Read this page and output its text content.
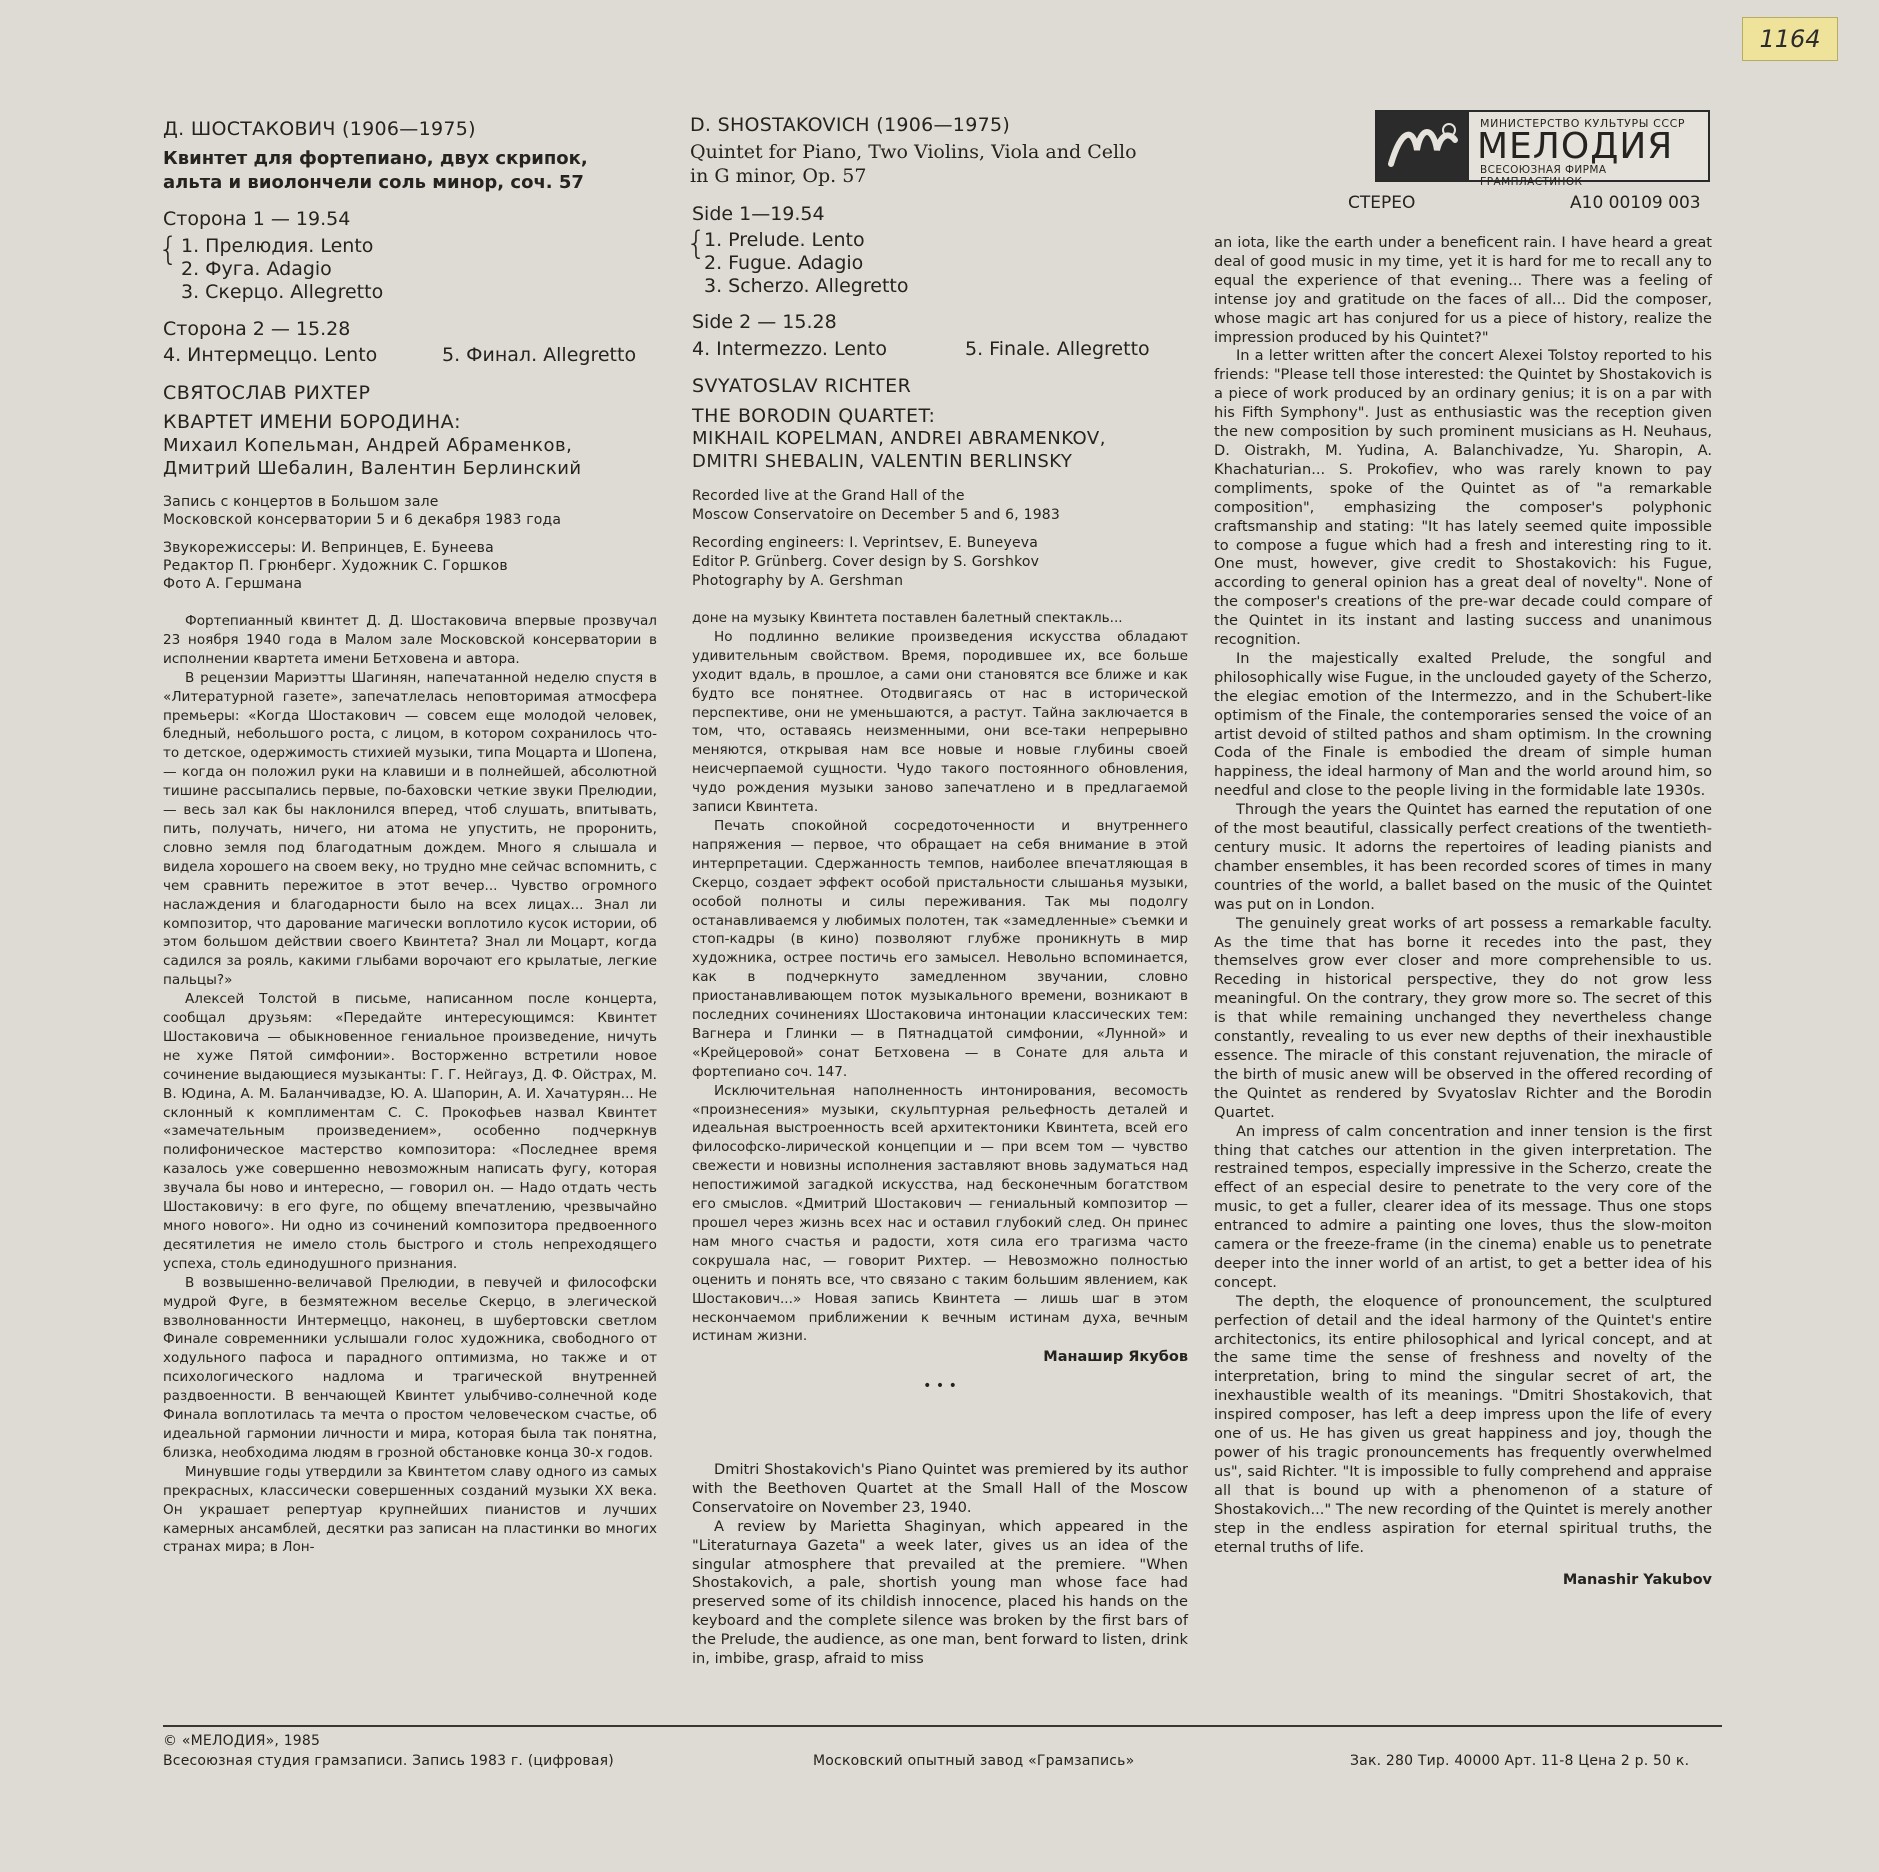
1164
Д. ШОСТАКОВИЧ (1906—1975)
Квинтет для фортепиано, двух скрипок,
альта и виолончели соль минор, соч. 57
Сторона 1 — 19.54
{ 1. Прелюдия. Lento
2. Фуга. Adagio
3. Скерцо. Allegretto
Сторона 2 — 15.28
4. Интермеццо. Lento	5. Финал. Allegretto
СВЯТОСЛАВ РИХТЕР
КВАРТЕТ ИМЕНИ БОРОДИНА:
Михаил Копельман, Андрей Абраменков,
Дмитрий Шебалин, Валентин Берлинский
Запись с концертов в Большом зале
Московской консерватории 5 и 6 декабря 1983 года
Звукорежиссеры: И. Вепринцев, Е. Бунеева
Редактор П. Грюнберг. Художник С. Горшков
Фото А. Гершмана

Фортепианный квинтет Д. Д. Шостаковича впервые прозвучал 23 ноября 1940 года в Малом зале Московской консерватории в исполнении квартета имени Бетховена и автора.

В рецензии Мариэтты Шагинян, напечатанной неделю спустя в «Литературной газете», запечатлелась неповторимая атмосфера премьеры: «Когда Шостакович — совсем еще молодой человек, бледный, небольшого роста, с лицом, в котором сохранилось что-то детское, одержимость стихией музыки, типа Моцарта и Шопена, — когда он положил руки на клавиши и в полнейшей, абсолютной тишине рассыпались первые, по-баховски четкие звуки Прелюдии, — весь зал как бы наклонился вперед, чтоб слушать, впитывать, пить, получать, ничего, ни атома не упустить, не проронить, словно земля под благодатным дождем. Много я слышала и видела хорошего на своем веку, но трудно мне сейчас вспомнить, с чем сравнить пережитое в этот вечер... Чувство огромного наслаждения и благодарности было на всех лицах... Знал ли композитор, что дарование магически воплотило кусок истории, об этом большом действии своего Квинтета? Знал ли Моцарт, когда садился за рояль, какими глыбами ворочают его крылатые, легкие пальцы?»

Алексей Толстой в письме, написанном после концерта, сообщал друзьям: «Передайте интересующимся: Квинтет Шостаковича — обыкновенное гениальное произведение, ничуть не хуже Пятой симфонии». Восторженно встретили новое сочинение выдающиеся музыканты: Г. Г. Нейгауз, Д. Ф. Ойстрах, М. В. Юдина, А. М. Баланчивадзе, Ю. А. Шапорин, А. И. Хачатурян... Не склонный к комплиментам С. С. Прокофьев назвал Квинтет «замечательным произведением», особенно подчеркнув полифоническое мастерство композитора: «Последнее время казалось уже совершенно невозможным написать фугу, которая звучала бы ново и интересно, — говорил он. — Надо отдать честь Шостаковичу: в его фуге, по общему впечатлению, чрезвычайно много нового». Ни одно из сочинений композитора предвоенного десятилетия не имело столь быстрого и столь непреходящего успеха, столь единодушного признания.

В возвышенно-величавой Прелюдии, в певучей и философски мудрой Фуге, в безмятежном веселье Скерцо, в элегической взволнованности Интермеццо, наконец, в шубертовски светлом Финале современники услышали голос художника, свободного от ходульного пафоса и парадного оптимизма, но также и от психологического надлома и трагической внутренней раздвоенности. В венчающей Квинтет улыбчиво-солнечной коде Финала воплотилась та мечта о простом человеческом счастье, об идеальной гармонии личности и мира, которая была так понятна, близка, необходима людям в грозной обстановке конца 30-х годов.

Минувшие годы утвердили за Квинтетом славу одного из самых прекрасных, классически совершенных созданий музыки XX века. Он украшает репертуар крупнейших пианистов и лучших камерных ансамблей, десятки раз записан на пластинки во многих странах мира; в Лон-

D. SHOSTAKOVICH (1906—1975)
Quintet for Piano, Two Violins, Viola and Cello
in G minor, Op. 57
Side 1—19.54
{
1. Prelude. Lento
2. Fugue. Adagio
3. Scherzo. Allegretto
Side 2 — 15.28
4. Intermezzo. Lento	5. Finale. Allegretto
SVYATOSLAV RICHTER
THE BORODIN QUARTET:
MIKHAIL KOPELMAN, ANDREI ABRAMENKOV,
DMITRI SHEBALIN, VALENTIN BERLINSKY
Recorded live at the Grand Hall of the
Moscow Conservatoire on December 5 and 6, 1983
Recording engineers: I. Veprintsev, E. Buneyeva
Editor P. Grünberg. Cover design by S. Gorshkov
Photography by A. Gershman

доне на музыку Квинтета поставлен балетный спектакль...

Но подлинно великие произведения искусства обладают удивительным свойством. Время, породившее их, все больше уходит вдаль, в прошлое, а сами они становятся все ближе и как будто все понятнее. Отодвигаясь от нас в исторической перспективе, они не уменьшаются, а растут. Тайна заключается в том, что, оставаясь неизменными, они все-таки непрерывно меняются, открывая нам все новые и новые глубины своей неисчерпаемой сущности. Чудо такого постоянного обновления, чудо рождения музыки заново запечатлено и в предлагаемой записи Квинтета.

Печать спокойной сосредоточенности и внутреннего напряжения — первое, что обращает на себя внимание в этой интерпретации. Сдержанность темпов, наиболее впечатляющая в Скерцо, создает эффект особой пристальности слышанья музыки, особой полноты и силы переживания. Так мы подолгу останавливаемся у любимых полотен, так «замедленные» съемки и стоп-кадры (в кино) позволяют глубже проникнуть в мир художника, острее постичь его замысел. Невольно вспоминается, как в подчеркнуто замедленном звучании, словно приостанавливающем поток музыкального времени, возникают в последних сочинениях Шостаковича интонации классических тем: Вагнера и Глинки — в Пятнадцатой симфонии, «Лунной» и «Крейцеровой» сонат Бетховена — в Сонате для альта и фортепиано соч. 147.

Исключительная наполненность интонирования, весомость «произнесения» музыки, скульптурная рельефность деталей и идеальная выстроенность всей архитектоники Квинтета, всей его философско-лирической концепции и — при всем том — чувство свежести и новизны исполнения заставляют вновь задуматься над непостижимой загадкой искусства, над бесконечным богатством его смыслов. «Дмитрий Шостакович — гениальный композитор — прошел через жизнь всех нас и оставил глубокий след. Он принес нам много счастья и радости, хотя сила его трагизма часто сокрушала нас, — говорит Рихтер. — Невозможно полностью оценить и понять все, что связано с таким большим явлением, как Шостакович...» Новая запись Квинтета — лишь шаг в этом нескончаемом приближении к вечным истинам духа, вечным истинам жизни.

Манашир Якубов
• • •

Dmitri Shostakovich's Piano Quintet was premiered by its author with the Beethoven Quartet at the Small Hall of the Moscow Conservatoire on November 23, 1940.

A review by Marietta Shaginyan, which appeared in the "Literaturnaya Gazeta" a week later, gives us an idea of the singular atmosphere that prevailed at the premiere. "When Shostakovich, a pale, shortish young man whose face had preserved some of its childish innocence, placed his hands on the keyboard and the complete silence was broken by the first bars of the Prelude, the audience, as one man, bent forward to listen, drink in, imbibe, grasp, afraid to miss

МИНИСТЕРСТВО КУЛЬТУРЫ СССР
МЕЛОДИЯ
ВСЕСОЮЗНАЯ ФИРМА ГРАМПЛАСТИНОК
СТЕРЕО	А10 00109 003

an iota, like the earth under a beneficent rain. I have heard a great deal of good music in my time, yet it is hard for me to recall any to equal the experience of that evening... There was a feeling of intense joy and gratitude on the faces of all... Did the composer, whose magic art has conjured for us a piece of history, realize the impression produced by his Quintet?"

In a letter written after the concert Alexei Tolstoy reported to his friends: "Please tell those interested: the Quintet by Shostakovich is a piece of work produced by an ordinary genius; it is on a par with his Fifth Symphony". Just as enthusiastic was the reception given the new composition by such prominent musicians as H. Neuhaus, D. Oistrakh, M. Yudina, A. Balanchivadze, Yu. Sharopin, A. Khachaturian... S. Prokofiev, who was rarely known to pay compliments, spoke of the Quintet as of "a remarkable composition", emphasizing the composer's polyphonic craftsmanship and stating: "It has lately seemed quite impossible to compose a fugue which had a fresh and interesting ring to it. One must, however, give credit to Shostakovich: his Fugue, according to general opinion has a great deal of novelty". None of the composer's creations of the pre-war decade could compare of the Quintet in its instant and lasting success and unanimous recognition.

In the majestically exalted Prelude, the songful and philosophically wise Fugue, in the unclouded gayety of the Scherzo, the elegiac emotion of the Intermezzo, and in the Schubert-like optimism of the Finale, the contemporaries sensed the voice of an artist devoid of stilted pathos and sham optimism. In the crowning Coda of the Finale is embodied the dream of simple human happiness, the ideal harmony of Man and the world around him, so needful and close to the people living in the formidable late 1930s.

Through the years the Quintet has earned the reputation of one of the most beautiful, classically perfect creations of the twentieth-century music. It adorns the repertoires of leading pianists and chamber ensembles, it has been recorded scores of times in many countries of the world, a ballet based on the music of the Quintet was put on in London.

The genuinely great works of art possess a remarkable faculty. As the time that has borne it recedes into the past, they themselves grow ever closer and more comprehensible to us. Receding in historical perspective, they do not grow less meaningful. On the contrary, they grow more so. The secret of this is that while remaining unchanged they nevertheless change constantly, revealing to us ever new depths of their inexhaustible essence. The miracle of this constant rejuvenation, the miracle of the birth of music anew will be observed in the offered recording of the Quintet as rendered by Svyatoslav Richter and the Borodin Quartet.

An impress of calm concentration and inner tension is the first thing that catches our attention in the given interpretation. The restrained tempos, especially impressive in the Scherzo, create the effect of an especial desire to penetrate to the very core of the music, to get a fuller, clearer idea of its message. Thus one stops entranced to admire a painting one loves, thus the slow-moiton camera or the freeze-frame (in the cinema) enable us to penetrate deeper into the inner world of an artist, to get a better idea of his concept.

The depth, the eloquence of pronouncement, the sculptured perfection of detail and the ideal harmony of the Quintet's entire architectonics, its entire philosophical and lyrical concept, and at the same time the sense of freshness and novelty of the interpretation, bring to mind the singular secret of art, the inexhaustible wealth of its meanings. "Dmitri Shostakovich, that inspired composer, has left a deep impress upon the life of every one of us. He has given us great happiness and joy, though the power of his tragic pronouncements has frequently overwhelmed us", said Richter. "It is impossible to fully comprehend and appraise all that is bound up with a phenomenon of a stature of Shostakovich..." The new recording of the Quintet is merely another step in the endless aspiration for eternal spiritual truths, the eternal truths of life.

Manashir Yakubov
© «МЕЛОДИЯ», 1985
Всесоюзная студия грамзаписи. Запись 1983 г. (цифровая)	Московский опытный завод «Грамзапись»	Зак. 280 Тир. 40000 Арт. 11-8 Цена 2 р. 50 к.
